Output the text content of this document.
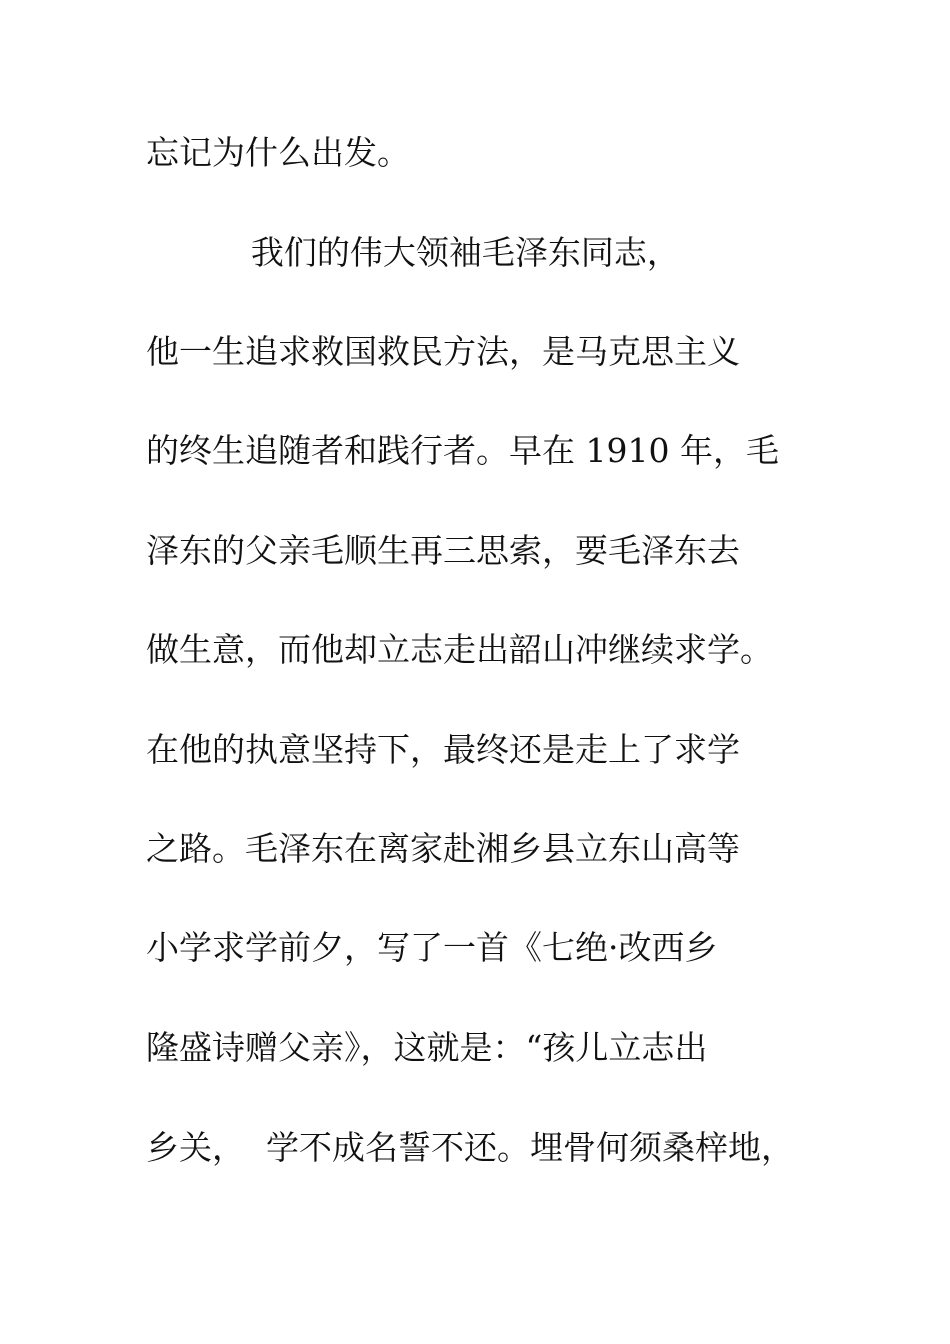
忘记为什么出发。

我们的伟大领袖毛泽东同志，

他一生追求救国救民方法，是马克思主义

的终生追随者和践行者。早在 1910 年，毛

泽东的父亲毛顺生再三思索，要毛泽东去

做生意，而他却立志走出韶山冲继续求学。

在他的执意坚持下，最终还是走上了求学

之路。毛泽东在离家赴湘乡县立东山高等

小学求学前夕，写了一首《七绝·改西乡

隆盛诗赠父亲》，这就是：“孩儿立志出

乡关，  学不成名誓不还。埋骨何须桑梓地，
